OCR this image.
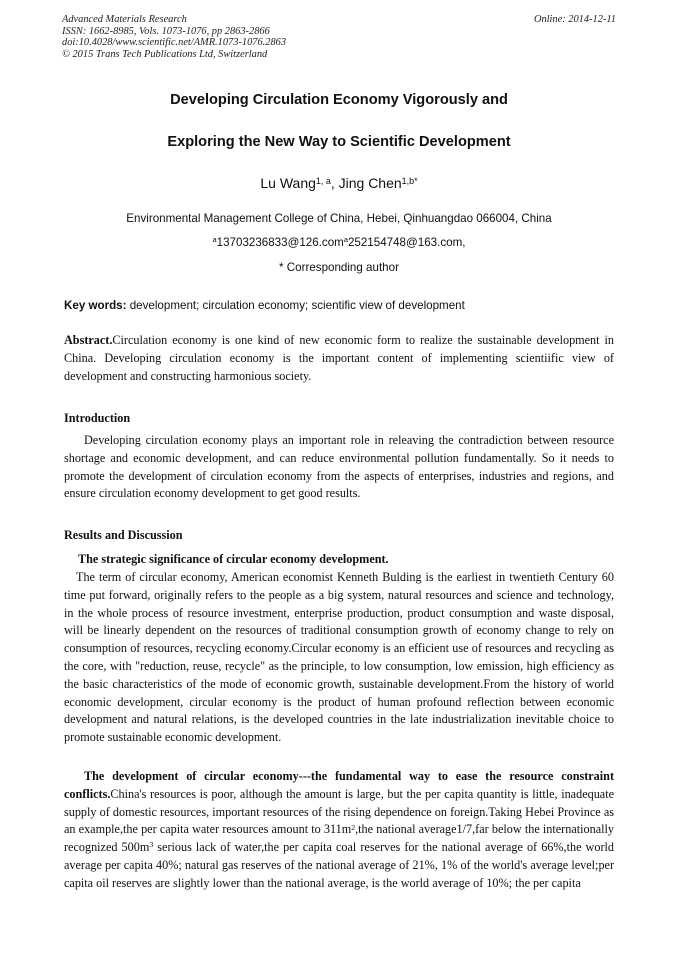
Advanced Materials Research
ISSN: 1662-8985, Vols. 1073-1076, pp 2863-2866
doi:10.4028/www.scientific.net/AMR.1073-1076.2863
© 2015 Trans Tech Publications Ltd, Switzerland
Online: 2014-12-11
Developing Circulation Economy Vigorously and
Exploring the New Way to Scientific Development
Lu Wang$^{1, a}$, Jing Chen$^{1,b*}$
Environmental Management College of China, Hebei, Qinhuangdao 066004, China
$^a$13703236833@126.com$^a$252154748@163.com,
* Corresponding author
Key words: development; circulation economy; scientific view of development
Abstract.Circulation economy is one kind of new economic form to realize the sustainable development in China. Developing circulation economy is the important content of implementing scientiific view of development and constructing harmonious society.
Introduction
Developing circulation economy plays an important role in releaving the contradiction between resource shortage and economic development, and can reduce environmental pollution fundamentally. So it needs to promote the development of circulation economy from the aspects of enterprises, industries and regions, and ensure circulation economy development to get good results.
Results and Discussion
The strategic significance of circular economy development.
The term of circular economy, American economist Kenneth Bulding is the earliest in twentieth Century 60 time put forward, originally refers to the people as a big system, natural resources and science and technology, in the whole process of resource investment, enterprise production, product consumption and waste disposal, will be linearly dependent on the resources of traditional consumption growth of economy change to rely on consumption of resources, recycling economy.Circular economy is an efficient use of resources and recycling as the core, with "reduction, reuse, recycle" as the principle, to low consumption, low emission, high efficiency as the basic characteristics of the mode of economic growth, sustainable development.From the history of world economic development, circular economy is the product of human profound reflection between economic development and natural relations, is the developed countries in the late industrialization inevitable choice to promote sustainable economic development.
The development of circular economy---the fundamental way to ease the resource constraint conflicts.China's resources is poor, although the amount is large, but the per capita quantity is little, inadequate supply of domestic resources, important resources of the rising dependence on foreign.Taking Hebei Province as an example,the per capita water resources amount to $311m^2,the$ national average1/7,far below the internationally recognized $500m^3$ serious lack of water,the per capita coal reserves for the national average of 66%,the world average per capita 40%; natural gas reserves of the national average of 21%, 1% of the world's average level;per capita oil reserves are slightly lower than the national average, is the world average of 10%; the per capita
